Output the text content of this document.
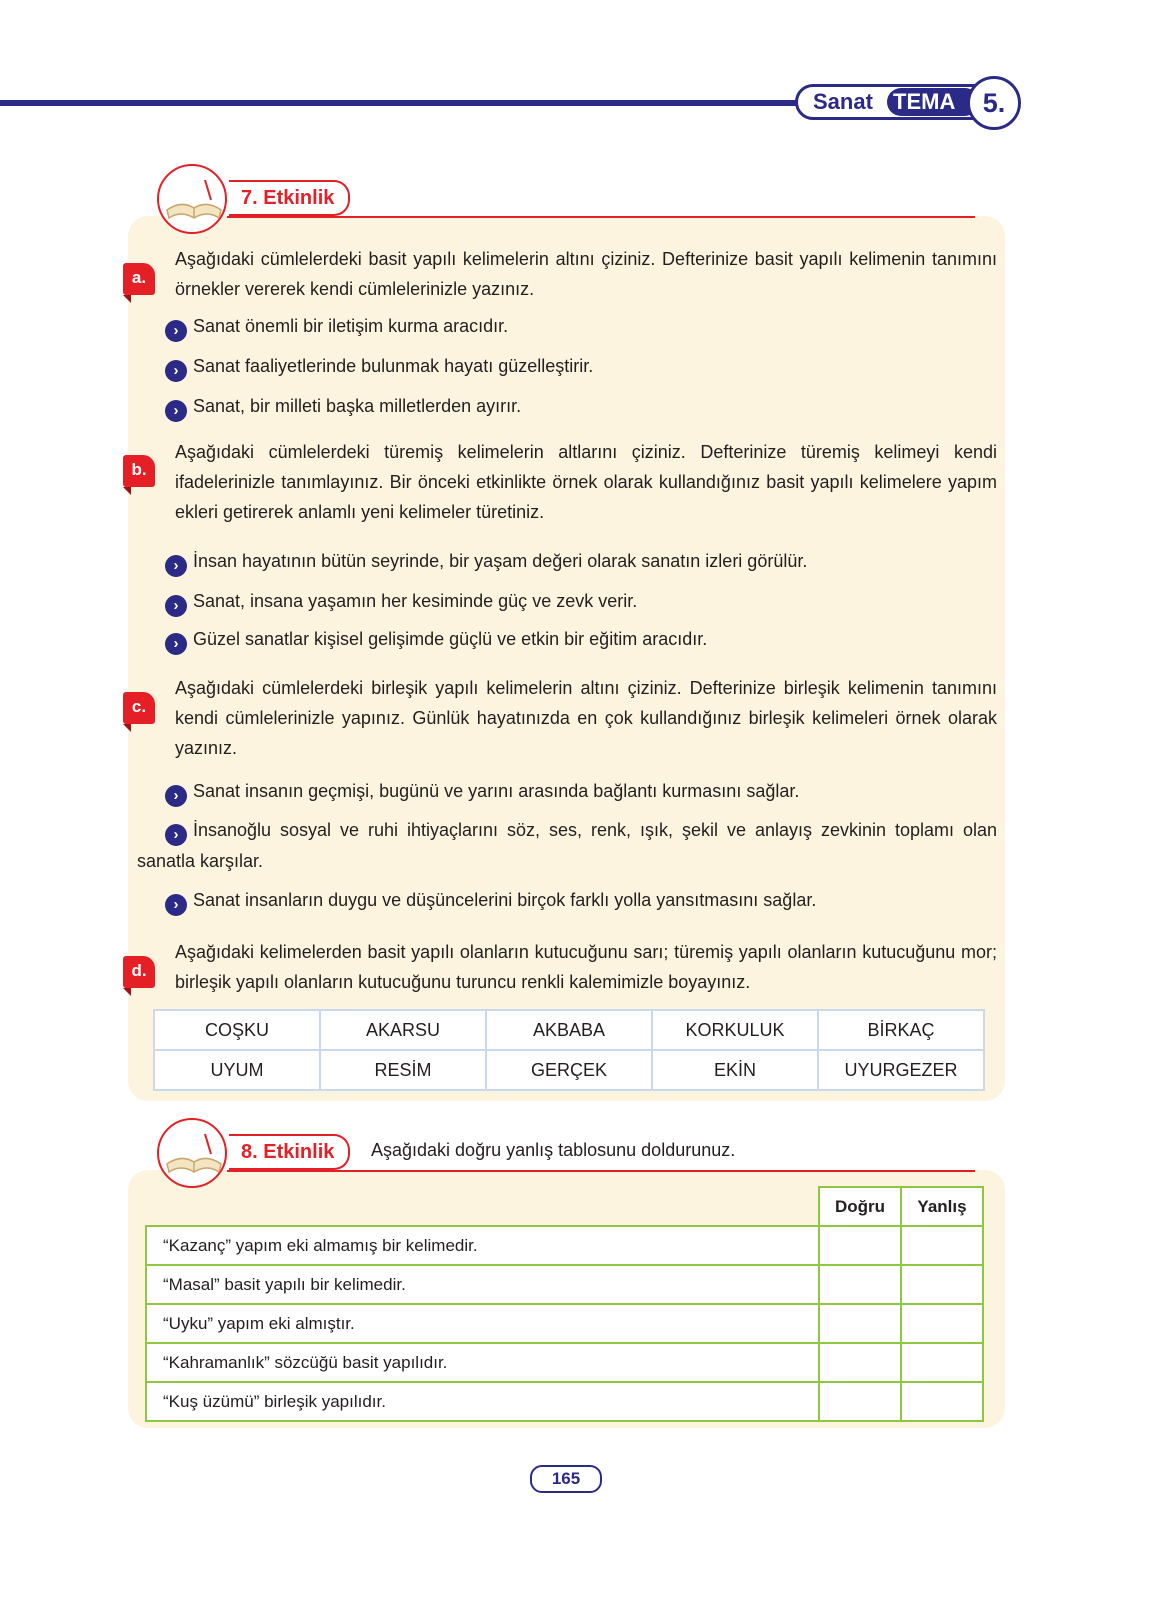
Sanat TEMA	5.
7. Etkinlik
a.
Aşağıdaki cümlelerdeki basit yapılı kelimelerin altını çiziniz. Defterinize basit yapılı kelimenin tanımını örnekler vererek kendi cümlelerinizle yazınız.
› Sanat önemli bir iletişim kurma aracıdır.
› Sanat faaliyetlerinde bulunmak hayatı güzelleştirir.
› Sanat, bir milleti başka milletlerden ayırır.
b.
Aşağıdaki cümlelerdeki türemiş kelimelerin altlarını çiziniz. Defterinize türemiş kelimeyi kendi ifadelerinizle tanımlayınız. Bir önceki etkinlikte örnek olarak kullandığınız basit yapılı kelimelere yapım ekleri getirerek anlamlı yeni kelimeler türetiniz.
› İnsan hayatının bütün seyrinde, bir yaşam değeri olarak sanatın izleri görülür.
› Sanat, insana yaşamın her kesiminde güç ve zevk verir.
› Güzel sanatlar kişisel gelişimde güçlü ve etkin bir eğitim aracıdır.
c.
Aşağıdaki cümlelerdeki birleşik yapılı kelimelerin altını çiziniz. Defterinize birleşik kelimenin tanımını kendi cümlelerinizle yapınız. Günlük hayatınızda en çok kullandığınız birleşik kelimeleri örnek olarak yazınız.
› Sanat insanın geçmişi, bugünü ve yarını arasında bağlantı kurmasını sağlar.
› İnsanoğlu sosyal ve ruhi ihtiyaçlarını söz, ses, renk, ışık, şekil ve anlayış zevkinin toplamı olan sanatla karşılar.
› Sanat insanların duygu ve düşüncelerini birçok farklı yolla yansıtmasını sağlar.
d.
Aşağıdaki kelimelerden basit yapılı olanların kutucuğunu sarı; türemiş yapılı olanların kutucuğunu mor; birleşik yapılı olanların kutucuğunu turuncu renkli kalemimizle boyayınız.
COŞKU	AKARSU	AKBABA	KORKULUK	BİRKAÇ
UYUM	RESİM	GERÇEK	EKİN	UYURGEZER
8. Etkinlik	Aşağıdaki doğru yanlış tablosunu doldurunuz.
	Doğru	Yanlış
“Kazanç” yapım eki almamış bir kelimedir.		
“Masal” basit yapılı bir kelimedir.		
“Uyku” yapım eki almıştır.		
“Kahramanlık” sözcüğü basit yapılıdır.		
“Kuş üzümü” birleşik yapılıdır.		
165
